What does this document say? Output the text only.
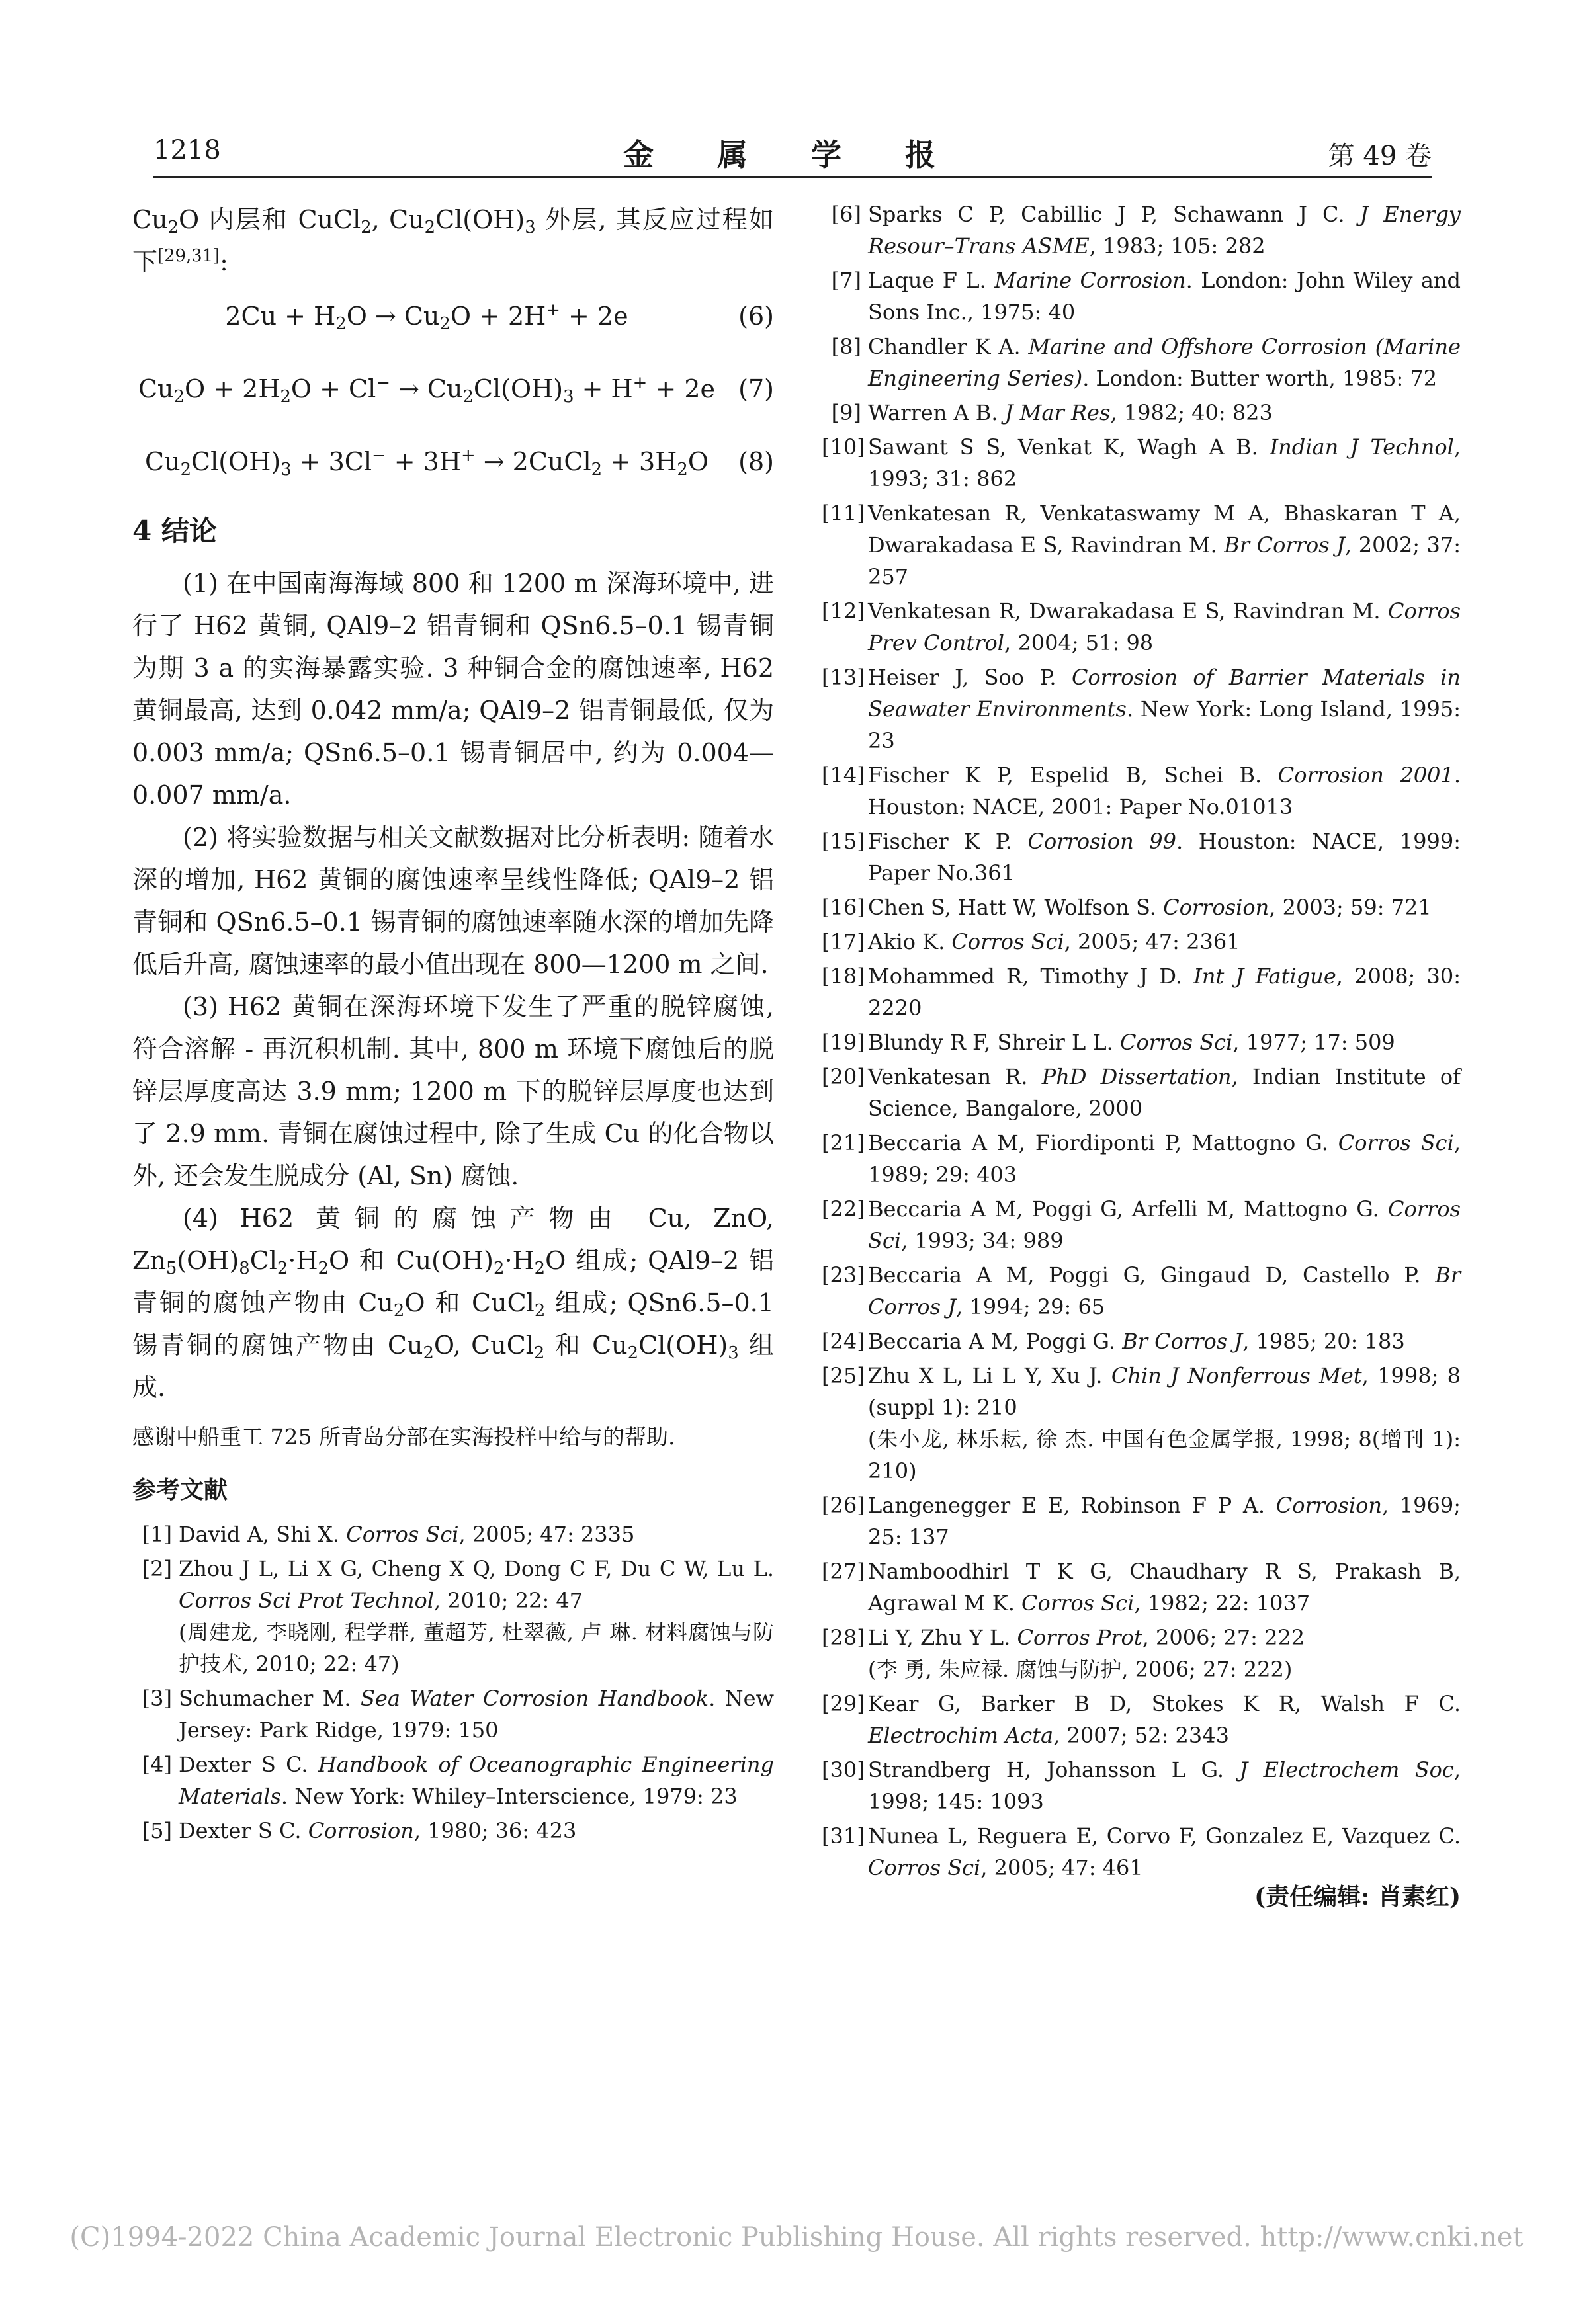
1218	金 属 学 报	第 49 卷

$Cu_2O$ 内层和 CuCl$_2$, $Cu_2Cl(OH)_3$ 外层, 其反应过程如下[29,31]:

$2Cu + H_2O \to Cu_2O + 2H^+ + 2e$	(6)
$Cu_2O + 2H_2O + Cl^- \to Cu_2Cl(OH)_3 + H^+ + 2e$ (7)
$Cu_2Cl(OH)_3 + 3Cl^- + 3H^+$ → 2CuCl$_2$ + $3H_2O$	(8)
4 结论

(1) 在中国南海海域 800 和 1200 m 深海环境中, 进行了 H62 黄铜, QAl9–2 铝青铜和 QSn6.5–0.1 锡青铜为期 3 a 的实海暴露实验. 3 种铜合金的腐蚀速率, H62 黄铜最高, 达到 0.042 mm/a; QAl9–2 铝青铜最低, 仅为 0.003 mm/a; QSn6.5–0.1 锡青铜居中, 约为 0.004—0.007 mm/a.

(2) 将实验数据与相关文献数据对比分析表明: 随着水深的增加, H62 黄铜的腐蚀速率呈线性降低; QAl9–2 铝青铜和 QSn6.5–0.1 锡青铜的腐蚀速率随水深的增加先降低后升高, 腐蚀速率的最小值出现在 800—1200 m 之间.

(3) H62 黄铜在深海环境下发生了严重的脱锌腐蚀, 符合溶解 - 再沉积机制. 其中, 800 m 环境下腐蚀后的脱锌层厚度高达 3.9 mm; 1200 m 下的脱锌层厚度也达到了 2.9 mm. 青铜在腐蚀过程中, 除了生成 Cu 的化合物以外, 还会发生脱成分 (Al, Sn) 腐蚀.

(4) H62 黄铜的腐蚀产物由 Cu, ZnO, $Zn_5(OH)_8Cl_2\cdot H_2O$ 和 $Cu(OH)_2\cdot H_2O$ 组成; QAl9–2 铝青铜的腐蚀产物由 $Cu_2O$ 和 CuCl$_2$ 组成; QSn6.5–0.1 锡青铜的腐蚀产物由 $Cu_2O$, CuCl$_2$ 和 $Cu_2Cl(OH)_3$ 组成.

感谢中船重工 725 所青岛分部在实海投样中给与的帮助.
参考文献
[1] David A, Shi X. Corros Sci, 2005; 47: 2335
[2] Zhou J L, Li X G, Cheng X Q, Dong C F, Du C W, Lu L. Corros Sci Prot Technol, 2010; 22: 47
(周建龙, 李晓刚, 程学群, 董超芳, 杜翠薇, 卢 琳. 材料腐蚀与防护技术, 2010; 22: 47)
[3] Schumacher M. Sea Water Corrosion Handbook. New Jersey: Park Ridge, 1979: 150
[4] Dexter S C. Handbook of Oceanographic Engineering Materials. New York: Whiley–Interscience, 1979: 23
[5] Dexter S C. Corrosion, 1980; 36: 423
[6] Sparks C P, Cabillic J P, Schawann J C. J Energy Resour–Trans ASME, 1983; 105: 282
[7] Laque F L. Marine Corrosion. London: John Wiley and Sons Inc., 1975: 40
[8] Chandler K A. Marine and Offshore Corrosion (Marine Engineering Series). London: Butter worth, 1985: 72
[9] Warren A B. J Mar Res, 1982; 40: 823
[10] Sawant S S, Venkat K, Wagh A B. Indian J Technol, 1993; 31: 862
[11] Venkatesan R, Venkataswamy M A, Bhaskaran T A, Dwarakadasa E S, Ravindran M. Br Corros J, 2002; 37: 257
[12] Venkatesan R, Dwarakadasa E S, Ravindran M. Corros Prev Control, 2004; 51: 98
[13] Heiser J, Soo P. Corrosion of Barrier Materials in Seawater Environments. New York: Long Island, 1995: 23
[14] Fischer K P, Espelid B, Schei B. Corrosion 2001. Houston: NACE, 2001: Paper No.01013
[15] Fischer K P. Corrosion 99. Houston: NACE, 1999: Paper No.361
[16] Chen S, Hatt W, Wolfson S. Corrosion, 2003; 59: 721
[17] Akio K. Corros Sci, 2005; 47: 2361
[18] Mohammed R, Timothy J D. Int J Fatigue, 2008; 30: 2220
[19] Blundy R F, Shreir L L. Corros Sci, 1977; 17: 509
[20] Venkatesan R. PhD Dissertation, Indian Institute of Science, Bangalore, 2000
[21] Beccaria A M, Fiordiponti P, Mattogno G. Corros Sci, 1989; 29: 403
[22] Beccaria A M, Poggi G, Arfelli M, Mattogno G. Corros Sci, 1993; 34: 989
[23] Beccaria A M, Poggi G, Gingaud D, Castello P. Br Corros J, 1994; 29: 65
[24] Beccaria A M, Poggi G. Br Corros J, 1985; 20: 183
[25] Zhu X L, Li L Y, Xu J. Chin J Nonferrous Met, 1998; 8 (suppl 1): 210
(朱小龙, 林乐耘, 徐 杰. 中国有色金属学报, 1998; 8(增刊 1): 210)
[26] Langenegger E E, Robinson F P A. Corrosion, 1969; 25: 137
[27] Namboodhirl T K G, Chaudhary R S, Prakash B, Agrawal M K. Corros Sci, 1982; 22: 1037
[28] Li Y, Zhu Y L. Corros Prot, 2006; 27: 222
(李 勇, 朱应禄. 腐蚀与防护, 2006; 27: 222)
[29] Kear G, Barker B D, Stokes K R, Walsh F C. Electrochim Acta, 2007; 52: 2343
[30] Strandberg H, Johansson L G. J Electrochem Soc, 1998; 145: 1093
[31] Nunea L, Reguera E, Corvo F, Gonzalez E, Vazquez C. Corros Sci, 2005; 47: 461
(责任编辑: 肖素红)
(C)1994-2022 China Academic Journal Electronic Publishing House. All rights reserved. http://www.cnki.net
